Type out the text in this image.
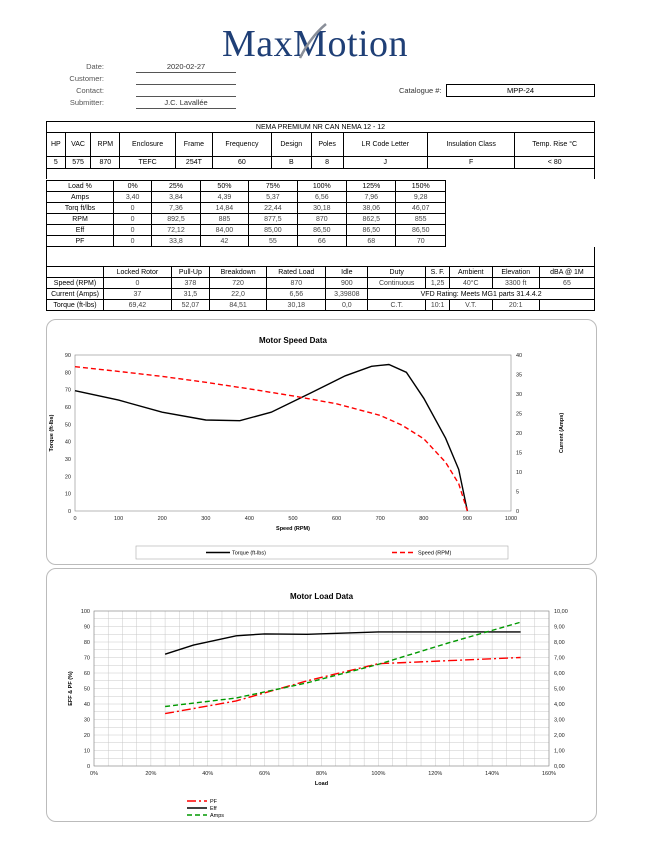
MaxMotion
Date:	2020-02-27
Customer:
Contact:
Submitter:	J.C. Lavallée
Catalogue #:	MPP-24
NEMA PREMIUM NR CAN NEMA 12 - 12										
HP	VAC	RPM	Enclosure	Frame	Frequency	Design	Poles	LR Code Letter	Insulation Class	Temp. Rise °C
5	575	870	TEFC	254T	60	B	8	J	F	< 80
Load %	0%	25%	50%	75%	100%	125%	150%
Amps	3,40	3,84	4,39	5,37	6,56	7,96	9,28
Torq ft/lbs	0	7,36	14,84	22,44	30,18	38,06	46,07
RPM	0	892,5	885	877,5	870	862,5	855
Eff	0	72,12	84,00	85,00	86,50	86,50	86,50
PF	0	33,8	42	55	66	68	70
	Locked Rotor	Pull-Up	Breakdown	Rated Load	Idle	Duty	S. F.	Ambient	Elevation	dBA @ 1M
Speed (RPM)	0	378	720	870	900	Continuous	1,25	40°C	3300 ft	65
Current (Amps)	37	31,5	22,0	6,56	3,39808	VFD Rating: Meets MG1 parts 31.4.4.2				
Torque (ft-lbs)	69,42	52,07	84,51	30,18	0,0	C.T.	10:1	V.T.	20:1	
Motor Speed Data
0	100	200	300	400	500	600	700	800	900	1000
0
10
20
30
40
50
60
70
80
90
0
5
10
15
20
25
30
35
40
Speed (RPM)
Torque (ft-lbs)	Current (Amps)
Torque (ft-lbs)	Speed (RPM)
Motor Load Data
0%	20%	40%	60%	80%	100%	120%	140%	160%
0
10
20
30
40
50
60
70
80
90
100
0,00
1,00
2,00
3,00
4,00
5,00
6,00
7,00
8,00
9,00
10,00
Load
EFF & PF (%)
PF
Eff
Amps
